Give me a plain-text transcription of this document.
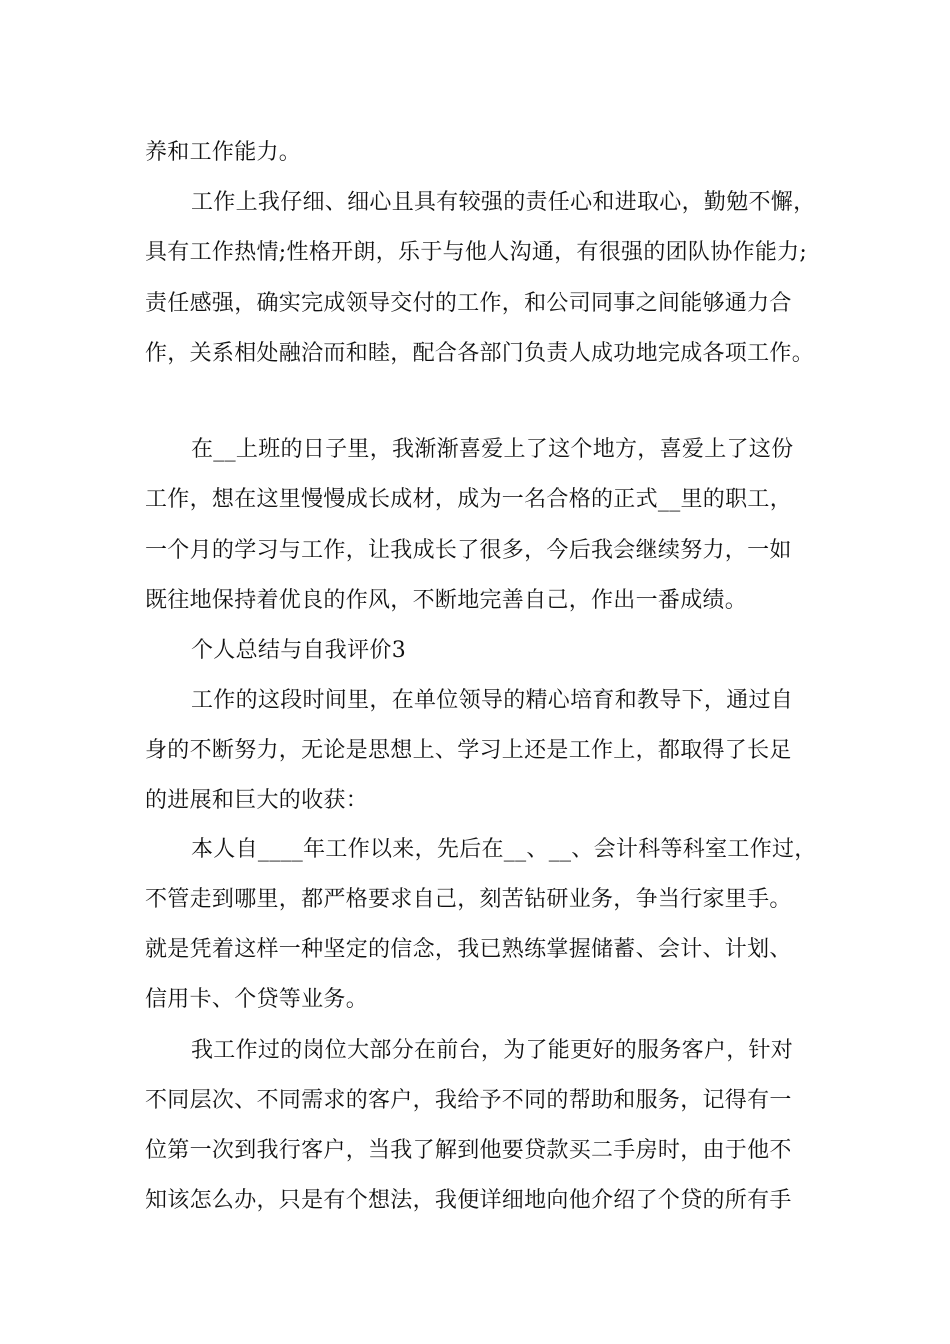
养和工作能力。
工作上我仔细、细心且具有较强的责任心和进取心，勤勉不懈，
具有工作热情;性格开朗，乐于与他人沟通，有很强的团队协作能力;
责任感强，确实完成领导交付的工作，和公司同事之间能够通力合
作，关系相处融洽而和睦，配合各部门负责人成功地完成各项工作。
在__上班的日子里，我渐渐喜爱上了这个地方，喜爱上了这份
工作，想在这里慢慢成长成材，成为一名合格的正式__里的职工，
一个月的学习与工作，让我成长了很多，今后我会继续努力，一如
既往地保持着优良的作风，不断地完善自己，作出一番成绩。
个人总结与自我评价3
工作的这段时间里，在单位领导的精心培育和教导下，通过自
身的不断努力，无论是思想上、学习上还是工作上，都取得了长足
的进展和巨大的收获：
本人自____年工作以来，先后在__、__、会计科等科室工作过，
不管走到哪里，都严格要求自己，刻苦钻研业务，争当行家里手。
就是凭着这样一种坚定的信念，我已熟练掌握储蓄、会计、计划、
信用卡、个贷等业务。
我工作过的岗位大部分在前台，为了能更好的服务客户，针对
不同层次、不同需求的客户，我给予不同的帮助和服务，记得有一
位第一次到我行客户，当我了解到他要贷款买二手房时，由于他不
知该怎么办，只是有个想法，我便详细地向他介绍了个贷的所有手
